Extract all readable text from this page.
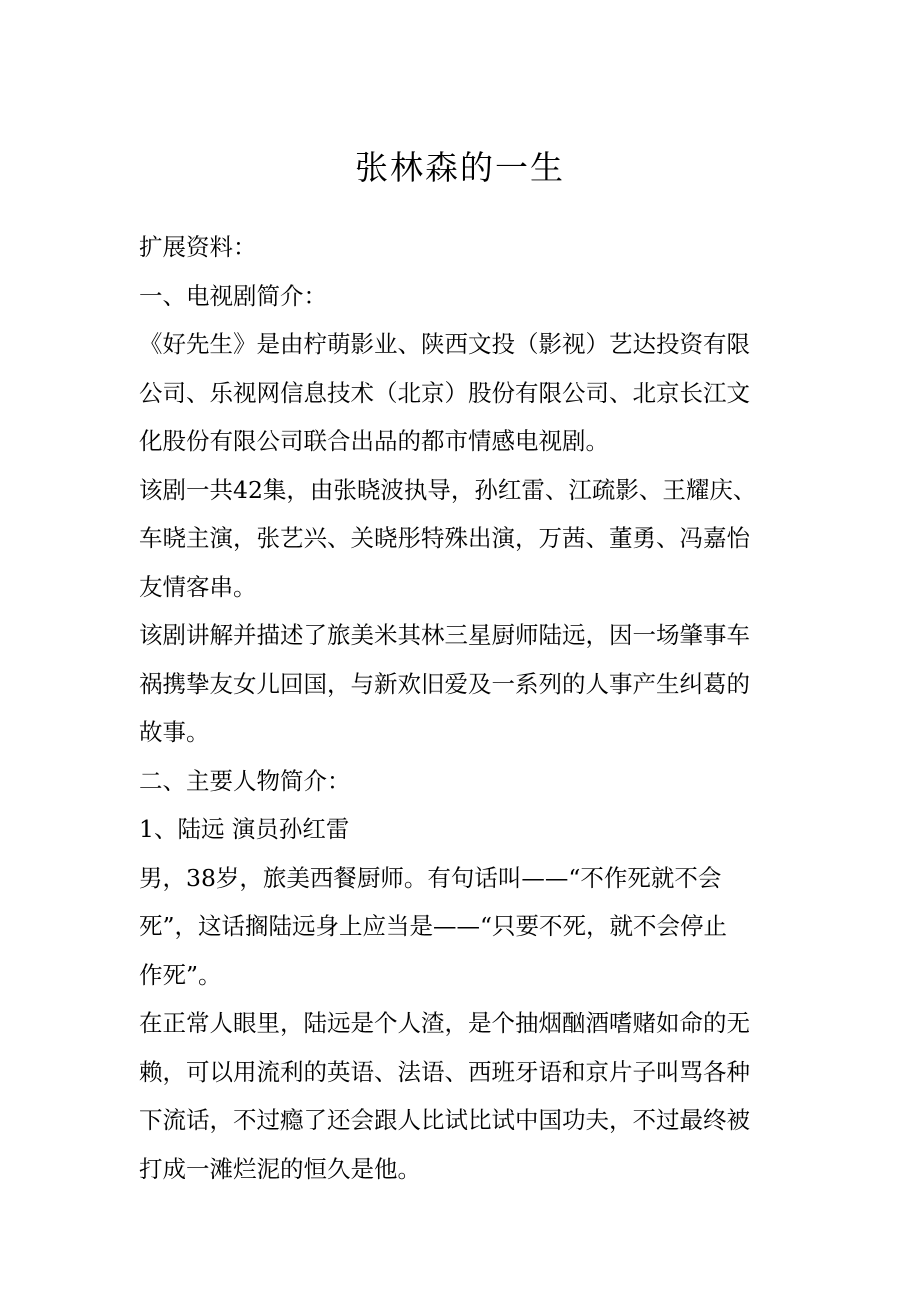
张林森的一生

扩展资料：

一、电视剧简介：

《好先生》是由柠萌影业、陕西文投（影视）艺达投资有限

公司、乐视网信息技术（北京）股份有限公司、北京长江文

化股份有限公司联合出品的都市情感电视剧。

该剧一共42集，由张晓波执导，孙红雷、江疏影、王耀庆、

车晓主演，张艺兴、关晓彤特殊出演，万茜、董勇、冯嘉怡

友情客串。

该剧讲解并描述了旅美米其林三星厨师陆远，因一场肇事车

祸携挚友女儿回国，与新欢旧爱及一系列的人事产生纠葛的

故事。

二、主要人物简介：

1、陆远 演员孙红雷

男，38岁，旅美西餐厨师。有句话叫——“不作死就不会

死”，这话搁陆远身上应当是——“只要不死，就不会停止

作死”。

在正常人眼里，陆远是个人渣，是个抽烟酗酒嗜赌如命的无

赖，可以用流利的英语、法语、西班牙语和京片子叫骂各种

下流话，不过瘾了还会跟人比试比试中国功夫，不过最终被

打成一滩烂泥的恒久是他。
